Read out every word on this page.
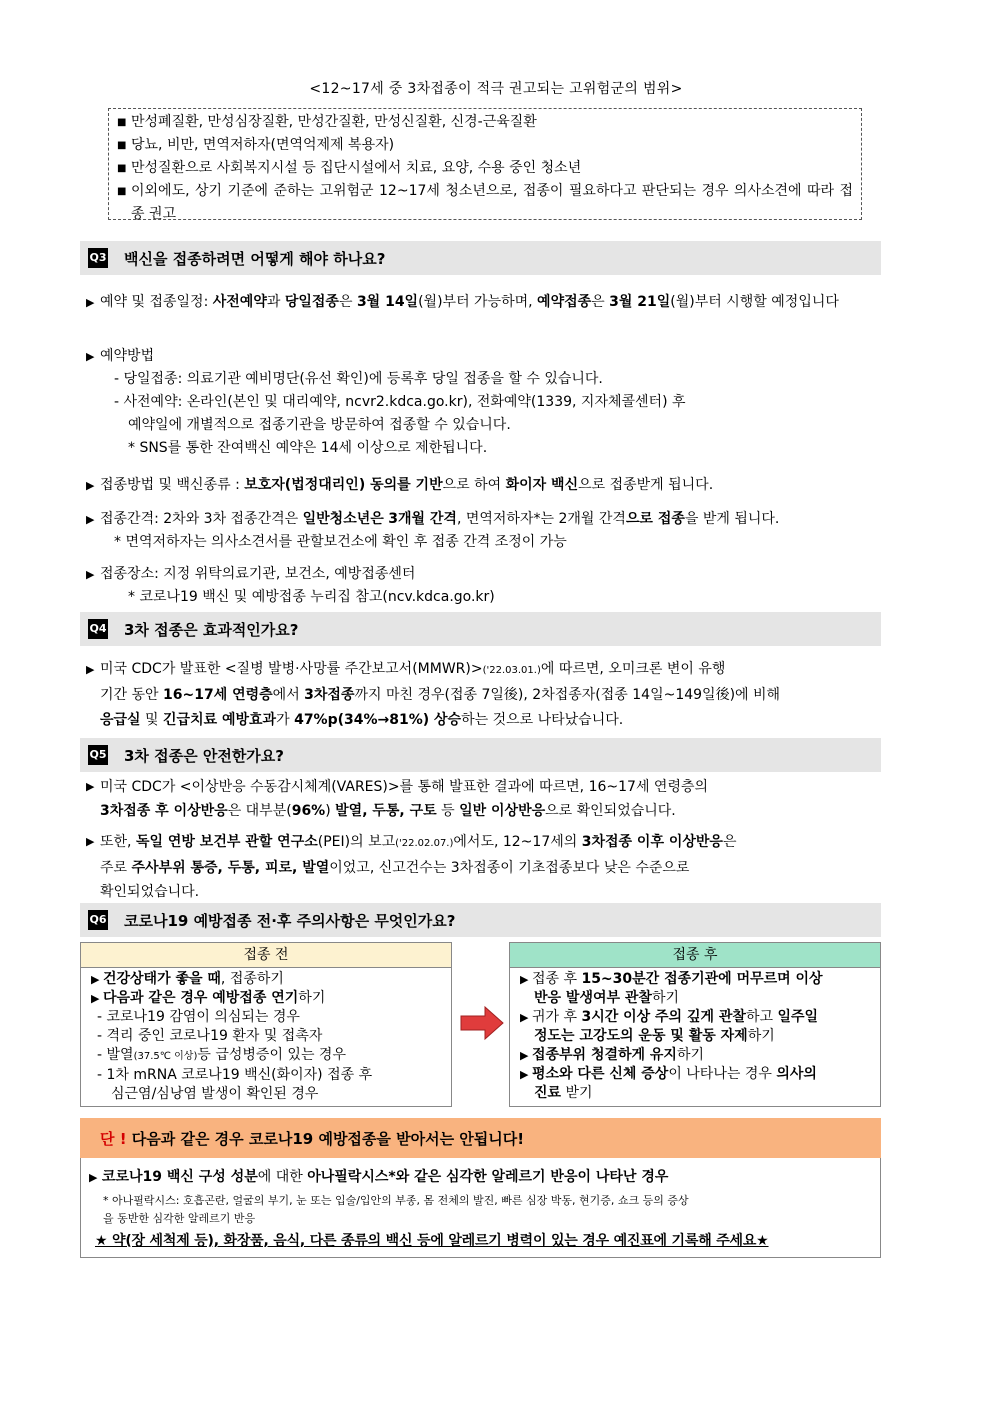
<12~17세 중 3차접종이 적극 권고되는 고위험군의 범위>
■ 만성폐질환, 만성심장질환, 만성간질환, 만성신질환, 신경-근육질환
■ 당뇨, 비만, 면역저하자(면역억제제 복용자)
■ 만성질환으로 사회복지시설 등 집단시설에서 치료, 요양, 수용 중인 청소년
■ 이외에도, 상기 기준에 준하는 고위험군 12~17세 청소년으로, 접종이 필요하다고 판단되는 경우 의사소견에 따라 접종 권고
Q3 백신을 접종하려면 어떻게 해야 하나요?
▶ 예약 및 접종일정: 사전예약과 당일접종은 3월 14일(월)부터 가능하며, 예약접종은 3월 21일(월)부터 시행할 예정입니다
▶ 예약방법
- 당일접종: 의료기관 예비명단(유선 확인)에 등록후 당일 접종을 할 수 있습니다.
- 사전예약: 온라인(본인 및 대리예약, ncvr2.kdca.go.kr), 전화예약(1339, 지자체콜센터) 후
예약일에 개별적으로 접종기관을 방문하여 접종할 수 있습니다.
* SNS를 통한 잔여백신 예약은 14세 이상으로 제한됩니다.
▶ 접종방법 및 백신종류 : 보호자(법정대리인) 동의를 기반으로 하여 화이자 백신으로 접종받게 됩니다.
▶ 접종간격: 2차와 3차 접종간격은 일반청소년은 3개월 간격, 면역저하자*는 2개월 간격으로 접종을 받게 됩니다.
* 면역저하자는 의사소견서를 관할보건소에 확인 후 접종 간격 조정이 가능
▶ 접종장소: 지정 위탁의료기관, 보건소, 예방접종센터
* 코로나19 백신 및 예방접종 누리집 참고(ncv.kdca.go.kr)
Q4 3차 접종은 효과적인가요?
▶ 미국 CDC가 발표한 <질병 발병·사망률 주간보고서(MMWR)>('22.03.01.)에 따르면, 오미크론 변이 유행
기간 동안 16~17세 연령층에서 3차접종까지 마친 경우(접종 7일後), 2차접종자(접종 14일~149일後)에 비해
응급실 및 긴급치료 예방효과가 47%p(34%→81%) 상승하는 것으로 나타났습니다.
Q5 3차 접종은 안전한가요?
▶ 미국 CDC가 <이상반응 수동감시체계(VARES)>를 통해 발표한 결과에 따르면, 16~17세 연령층의
3차접종 후 이상반응은 대부분(96%) 발열, 두통, 구토 등 일반 이상반응으로 확인되었습니다.
▶ 또한, 독일 연방 보건부 관할 연구소(PEI)의 보고('22.02.07.)에서도, 12~17세의 3차접종 이후 이상반응은
주로 주사부위 통증, 두통, 피로, 발열이었고, 신고건수는 3차접종이 기초접종보다 낮은 수준으로
확인되었습니다.
Q6 코로나19 예방접종 전·후 주의사항은 무엇인가요?
접종 전
▶ 건강상태가 좋을 때, 접종하기
▶ 다음과 같은 경우 예방접종 연기하기
- 코로나19 감염이 의심되는 경우
- 격리 중인 코로나19 환자 및 접촉자
- 발열(37.5℃ 이상)등 급성병증이 있는 경우
- 1차 mRNA 코로나19 백신(화이자) 접종 후
심근염/심낭염 발생이 확인된 경우
접종 후
▶ 접종 후 15~30분간 접종기관에 머무르며 이상
반응 발생여부 관찰하기
▶ 귀가 후 3시간 이상 주의 깊게 관찰하고 일주일
정도는 고강도의 운동 및 활동 자제하기
▶ 접종부위 청결하게 유지하기
▶ 평소와 다른 신체 증상이 나타나는 경우 의사의
진료 받기
단 ! 다음과 같은 경우 코로나19 예방접종을 받아서는 안됩니다!
▶ 코로나19 백신 구성 성분에 대한 아나필락시스*와 같은 심각한 알레르기 반응이 나타난 경우
* 아나필락시스: 호흡곤란, 얼굴의 부기, 눈 또는 입술/입안의 부종, 몸 전체의 발진, 빠른 심장 박동, 현기증, 쇼크 등의 증상
을 동반한 심각한 알레르기 반응
★ 약(장 세척제 등), 화장품, 음식, 다른 종류의 백신 등에 알레르기 병력이 있는 경우 예진표에 기록해 주세요★
